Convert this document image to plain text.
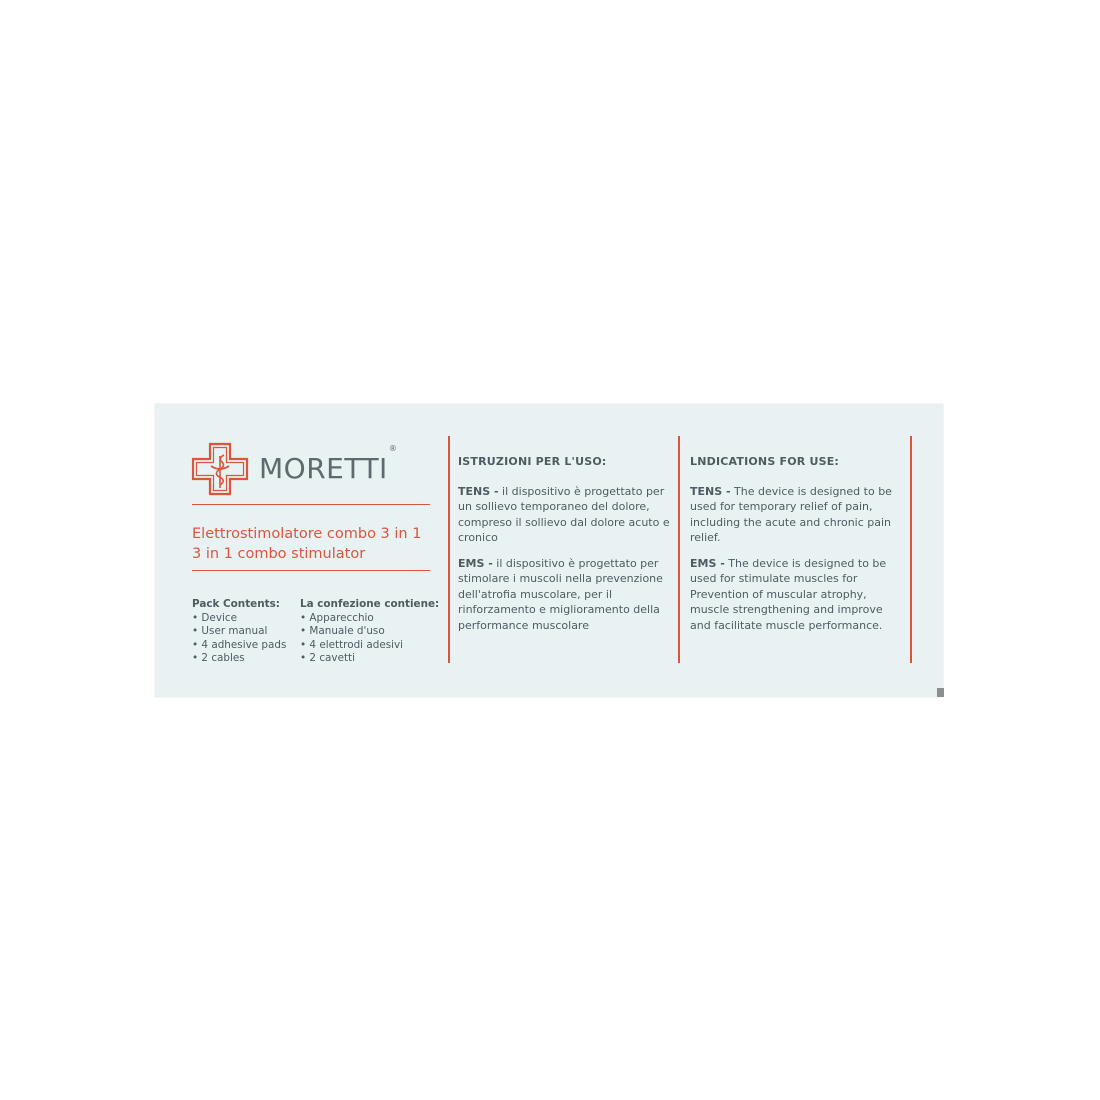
MORETTI®
Elettrostimolatore combo 3 in 1
3 in 1 combo stimulator
Pack Contents:
• Device
• User manual
• 4 adhesive pads
• 2 cables
La confezione contiene:
• Apparecchio
• Manuale d'uso
• 4 elettrodi adesivi
• 2 cavetti
ISTRUZIONI PER L'USO:

TENS - il dispositivo è progettato per un sollievo temporaneo del dolore, compreso il sollievo dal dolore acuto e cronico

EMS - il dispositivo è progettato per stimolare i muscoli nella prevenzione dell'atrofia muscolare, per il rinforzamento e miglioramento della performance muscolare

LNDICATIONS FOR USE:

TENS - The device is designed to be used for temporary relief of pain, including the acute and chronic pain relief.

EMS - The device is designed to be used for stimulate muscles for Prevention of muscular atrophy, muscle strengthening and improve and facilitate muscle performance.
